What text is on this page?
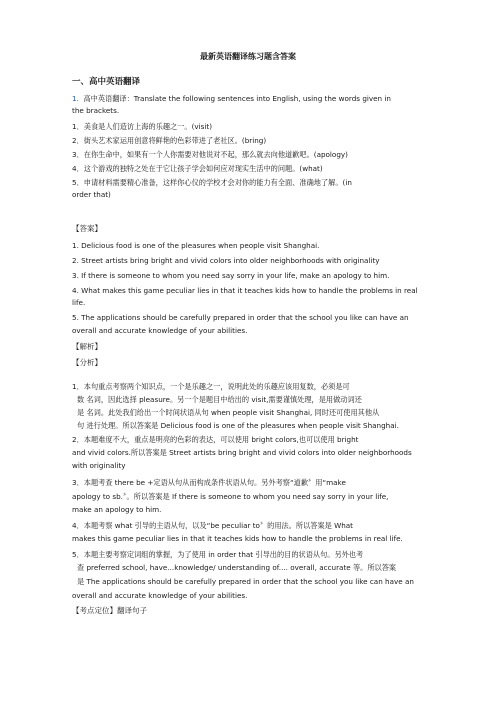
最新英语翻译练习题含答案
一、高中英语翻译
1. 高中英语翻译：Translate the following sentences into English, using the words given in
the brackets.
1．美食是人们造访上海的乐趣之一。(visit)
2．街头艺术家运用创意将鲜艳的色彩带进了老社区。(bring)
3．在你生命中，如果有一个人你需要对他说对不起，那么就去向他道歉吧。(apology)
4．这个游戏的独特之处在于它让孩子学会如何应对现实生活中的问题。(what)
5．申请材料需要精心准备，这样你心仪的学校才会对你的能力有全面、准确地了解。(in
order that)
【答案】
1. Delicious food is one of the pleasures when people visit Shanghai.
2. Street artists bring bright and vivid colors into older neighborhoods with originality
3. If there is someone to whom you need say sorry in your life, make an apology to him.
4. What makes this game peculiar lies in that it teaches kids how to handle the problems in real
life.
5. The applications should be carefully prepared in order that the school you like can have an
overall and accurate knowledge of your abilities.
【解析】
【分析】
1．本句重点考察两个知识点，一个是乐趣之一，说明此处的乐趣应该用复数，必须是可
数 名词，因此选择 pleasure。另一个是题目中给出的 visit,需要谨慎处理，是用做动词还
是 名词。此处我们给出一个时间状语从句 when people visit Shanghai, 同时还可使用其他从
句 进行处理。所以答案是 Delicious food is one of the pleasures when people visit Shanghai.
2．本题难度不大，重点是明亮的色彩的表达，可以使用 bright colors,也可以使用 bright
and vivid colors.所以答案是 Street artists bring bright and vivid colors into older neighborhoods
with originality
3．本题考查 there be +定语从句从而构成条件状语从句。另外考察“道歉〞用“make
apology to sb.〞。所以答案是 If there is someone to whom you need say sorry in your life,
make an apology to him.
4．本题考察 what 引导的主语从句，以及“be peculiar to〞的用法。所以答案是 What
makes this game peculiar lies in that it teaches kids how to handle the problems in real life.
5．本题主要考察定词组的掌握，为了使用 in order that 引导出的目的状语从句。另外也考
查 preferred school, have...knowledge/ understanding of.... overall, accurate 等。所以答案
是 The applications should be carefully prepared in order that the school you like can have an
overall and accurate knowledge of your abilities.
【考点定位】翻译句子
